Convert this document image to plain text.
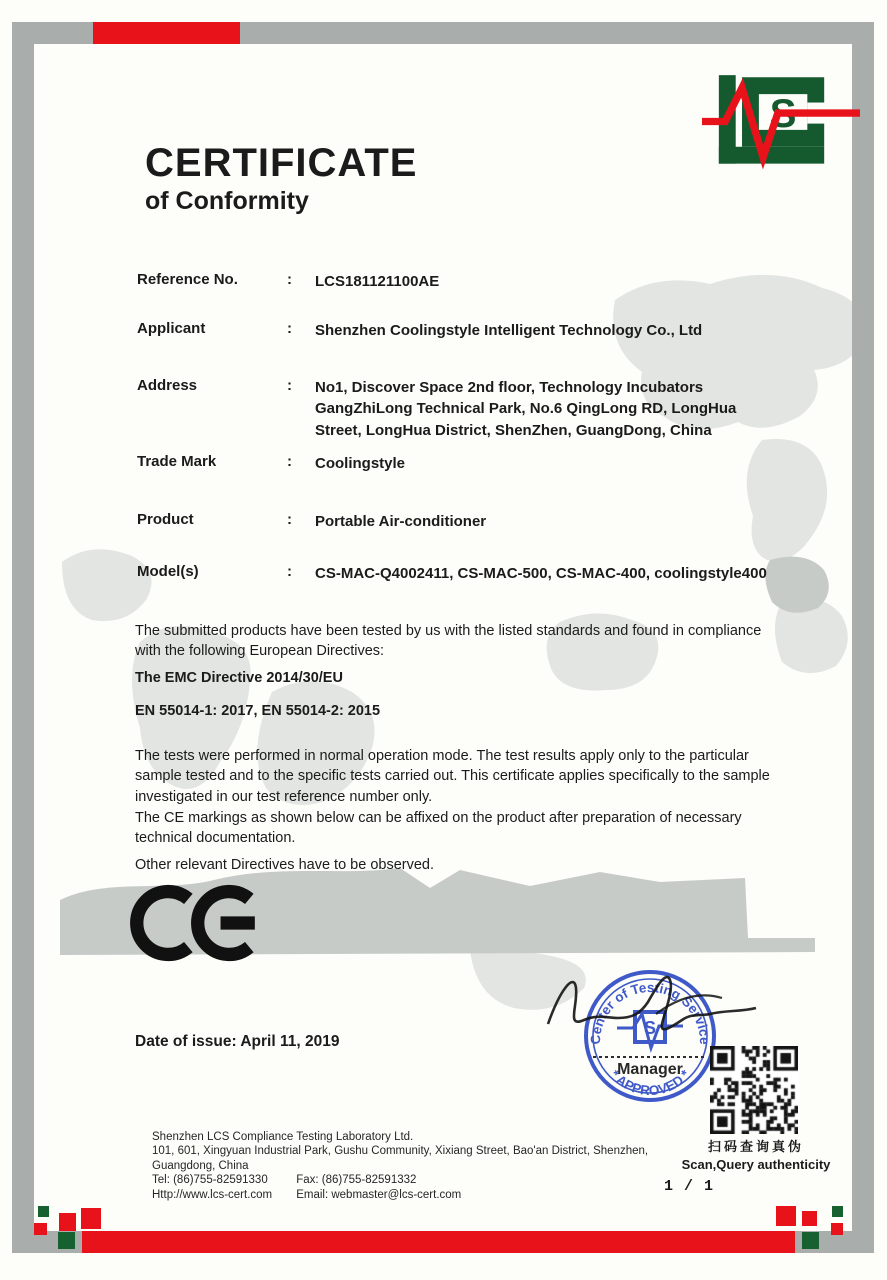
S
CERTIFICATE
of Conformity
Reference No.	:	LCS181121100AE
Applicant	:	Shenzhen Coolingstyle Intelligent Technology Co., Ltd
Address	:	No1, Discover Space 2nd floor, Technology Incubators GangZhiLong Technical Park, No.6 QingLong RD, LongHua Street, LongHua District, ShenZhen, GuangDong, China
Trade Mark	:	Coolingstyle
Product	:	Portable Air-conditioner
Model(s)	:	CS-MAC-Q4002411, CS-MAC-500, CS-MAC-400, coolingstyle400
The submitted products have been tested by us with the listed standards and found in compliance with the following European Directives:
The EMC Directive 2014/30/EU
EN 55014-1: 2017, EN 55014-2: 2015
The tests were performed in normal operation mode. The test results apply only to the particular sample tested and to the specific tests carried out. This certificate applies specifically to the sample investigated in our test reference number only.
The CE markings as shown below can be affixed on the product after preparation of necessary technical documentation.
Other relevant Directives have to be observed.
Date of issue: April 11, 2019	Center of Testing Service
* APPROVED *
S
Manager
扫码查询真伪
Scan,Query authenticity
Shenzhen LCS Compliance Testing Laboratory Ltd.
101, 601, Xingyuan Industrial Park, Gushu Community, Xixiang Street, Bao'an District, Shenzhen,
Guangdong, China
Tel: (86)755-82591330 Fax: (86)755-82591332
Http://www.lcs-cert.com Email: webmaster@lcs-cert.com	1 / 1
